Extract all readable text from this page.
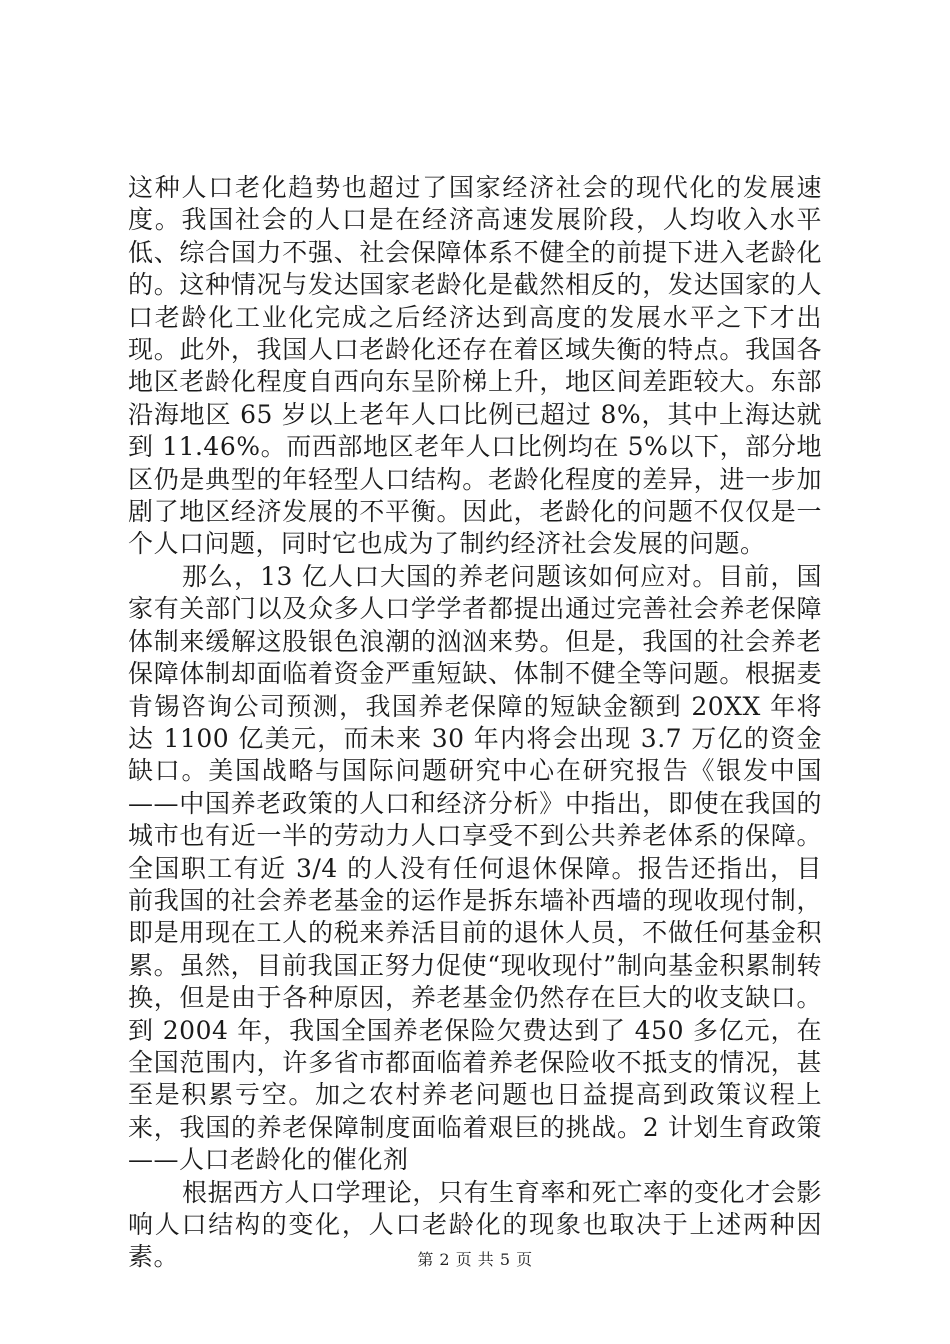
这种人口老化趋势也超过了国家经济社会的现代化的发展速度。我国社会的人口是在经济高速发展阶段，人均收入水平低、综合国力不强、社会保障体系不健全的前提下进入老龄化的。这种情况与发达国家老龄化是截然相反的，发达国家的人口老龄化工业化完成之后经济达到高度的发展水平之下才出现。此外，我国人口老龄化还存在着区域失衡的特点。我国各地区老龄化程度自西向东呈阶梯上升，地区间差距较大。东部沿海地区 65 岁以上老年人口比例已超过 8%，其中上海达就到 11.46%。而西部地区老年人口比例均在 5%以下，部分地区仍是典型的年轻型人口结构。老龄化程度的差异，进一步加剧了地区经济发展的不平衡。因此，老龄化的问题不仅仅是一个人口问题，同时它也成为了制约经济社会发展的问题。

那么，13 亿人口大国的养老问题该如何应对。目前，国家有关部门以及众多人口学学者都提出通过完善社会养老保障体制来缓解这股银色浪潮的汹汹来势。但是，我国的社会养老保障体制却面临着资金严重短缺、体制不健全等问题。根据麦肯锡咨询公司预测，我国养老保障的短缺金额到 20XX 年将达 1100 亿美元，而未来 30 年内将会出现 3.7 万亿的资金缺口。美国战略与国际问题研究中心在研究报告《银发中国——中国养老政策的人口和经济分析》中指出，即使在我国的城市也有近一半的劳动力人口享受不到公共养老体系的保障。全国职工有近 3/4 的人没有任何退休保障。报告还指出，目前我国的社会养老基金的运作是拆东墙补西墙的现收现付制，即是用现在工人的税来养活目前的退休人员，不做任何基金积累。虽然，目前我国正努力促使“现收现付”制向基金积累制转换，但是由于各种原因，养老基金仍然存在巨大的收支缺口。到 2004 年，我国全国养老保险欠费达到了 450 多亿元，在全国范围内，许多省市都面临着养老保险收不抵支的情况，甚至是积累亏空。加之农村养老问题也日益提高到政策议程上来，我国的养老保障制度面临着艰巨的挑战。2 计划生育政策——人口老龄化的催化剂

根据西方人口学理论，只有生育率和死亡率的变化才会影响人口结构的变化，人口老龄化的现象也取决于上述两种因素。	第 2 页 共 5 页
